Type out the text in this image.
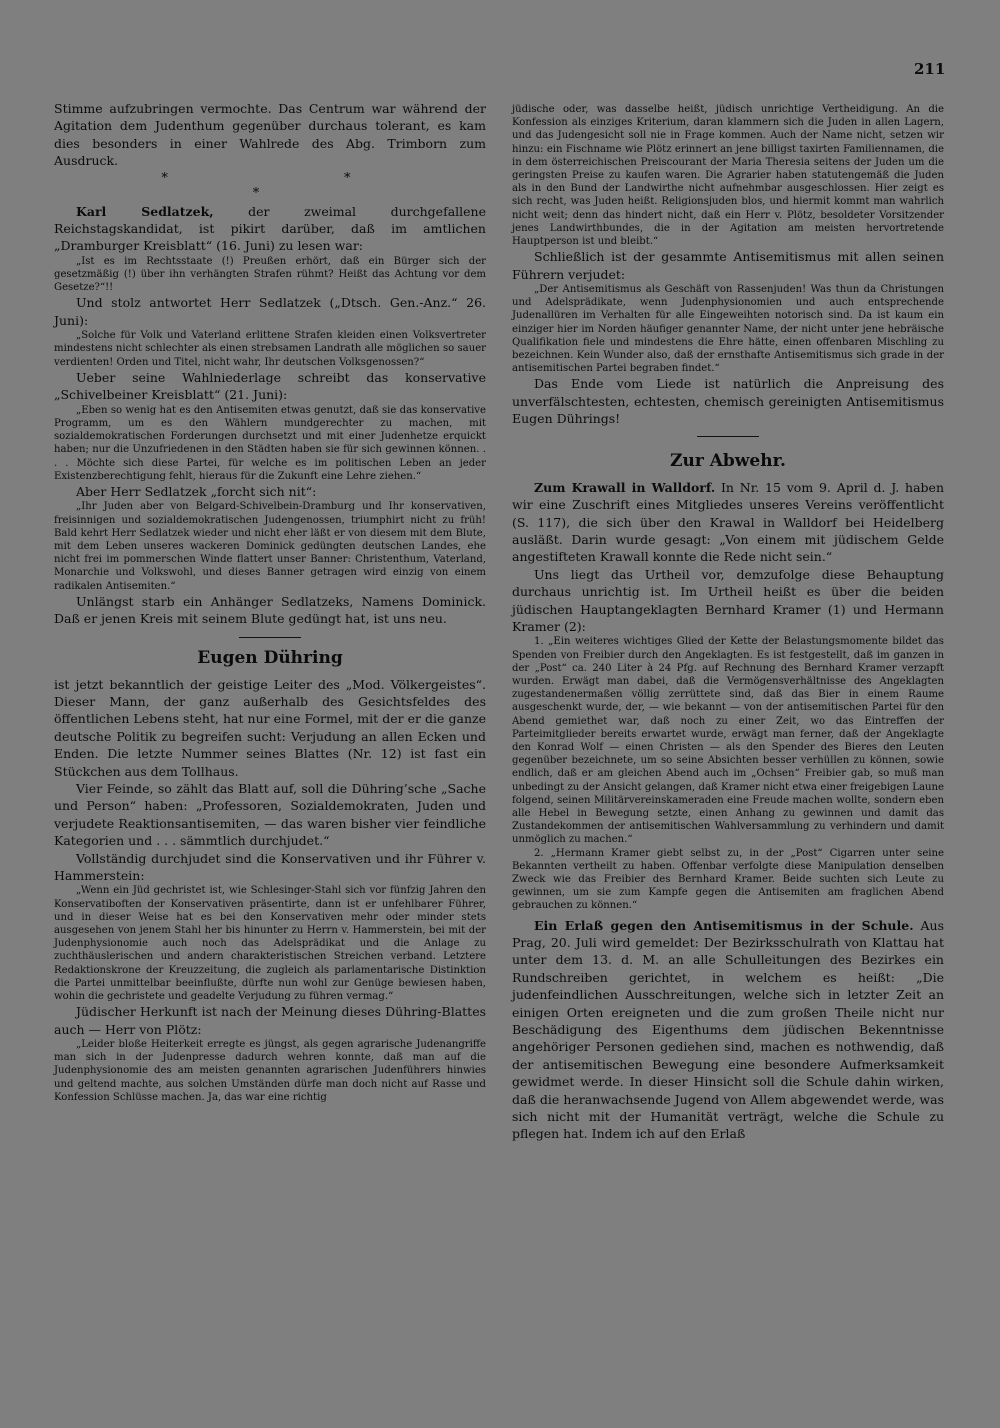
211

Stimme aufzubringen vermochte. Das Centrum war während der Agitation dem Judenthum gegenüber durchaus tolerant, es kam dies besonders in einer Wahlrede des Abg. Trimborn zum Ausdruck.

* * *

Karl Sedlatzek, der zweimal durchgefallene Reichstagskandidat, ist pikirt darüber, daß im amtlichen „Dramburger Kreisblatt“ (16. Juni) zu lesen war:

„Ist es im Rechtsstaate (!) Preußen erhört, daß ein Bürger sich der gesetzmäßig (!) über ihn verhängten Strafen rühmt? Heißt das Achtung vor dem Gesetze?“!!

Und stolz antwortet Herr Sedlatzek („Dtsch. Gen.-Anz.“ 26. Juni):

„Solche für Volk und Vaterland erlittene Strafen kleiden einen Volksvertreter mindestens nicht schlechter als einen strebsamen Landrath alle möglichen so sauer verdienten! Orden und Titel, nicht wahr, Ihr deutschen Volksgenossen?“

Ueber seine Wahlniederlage schreibt das konservative „Schivelbeiner Kreisblatt“ (21. Juni):

„Eben so wenig hat es den Antisemiten etwas genutzt, daß sie das konservative Programm, um es den Wählern mundgerechter zu machen, mit sozialdemokratischen Forderungen durchsetzt und mit einer Judenhetze erquickt haben; nur die Unzufriedenen in den Städten haben sie für sich gewinnen können. . . . Möchte sich diese Partei, für welche es im politischen Leben an jeder Existenzberechtigung fehlt, hieraus für die Zukunft eine Lehre ziehen.“

Aber Herr Sedlatzek „forcht sich nit“:

„Ihr Juden aber von Belgard-Schivelbein-Dramburg und Ihr konservativen, freisinnigen und sozialdemokratischen Judengenossen, triumphirt nicht zu früh! Bald kehrt Herr Sedlatzek wieder und nicht eher läßt er von diesem mit dem Blute, mit dem Leben unseres wackeren Dominick gedüngten deutschen Landes, ehe nicht frei im pommerschen Winde flattert unser Banner: Christenthum, Vaterland, Monarchie und Volkswohl, und dieses Banner getragen wird einzig von einem radikalen Antisemiten.“

Unlängst starb ein Anhänger Sedlatzeks, Namens Dominick. Daß er jenen Kreis mit seinem Blute gedüngt hat, ist uns neu.

Eugen Dühring

ist jetzt bekanntlich der geistige Leiter des „Mod. Völkergeistes“. Dieser Mann, der ganz außerhalb des Gesichtsfeldes des öffentlichen Lebens steht, hat nur eine Formel, mit der er die ganze deutsche Politik zu begreifen sucht: Verjudung an allen Ecken und Enden. Die letzte Nummer seines Blattes (Nr. 12) ist fast ein Stückchen aus dem Tollhaus.

Vier Feinde, so zählt das Blatt auf, soll die Dühring’sche „Sache und Person“ haben: „Professoren, Sozialdemokraten, Juden und verjudete Reaktionsantisemiten, — das waren bisher vier feindliche Kategorien und . . . sämmtlich durchjudet.“

Vollständig durchjudet sind die Konservativen und ihr Führer v. Hammerstein:

„Wenn ein Jüd gechristet ist, wie Schlesinger-Stahl sich vor fünfzig Jahren den Konservatiboften der Konservativen präsentirte, dann ist er unfehlbarer Führer, und in dieser Weise hat es bei den Konservativen mehr oder minder stets ausgesehen von jenem Stahl her bis hinunter zu Herrn v. Hammerstein, bei mit der Judenphysionomie auch noch das Adelsprädikat und die Anlage zu zuchthäuslerischen und andern charakteristischen Streichen verband. Letztere Redaktionskrone der Kreuzzeitung, die zugleich als parlamentarische Distinktion die Partei unmittelbar beeinflußte, dürfte nun wohl zur Genüge bewiesen haben, wohin die gechristete und geadelte Verjudung zu führen vermag.“

Jüdischer Herkunft ist nach der Meinung dieses Dühring-Blattes auch — Herr von Plötz:

„Leider bloße Heiterkeit erregte es jüngst, als gegen agrarische Judenangriffe man sich in der Judenpresse dadurch wehren konnte, daß man auf die Judenphysionomie des am meisten genannten agrarischen Judenführers hinwies und geltend machte, aus solchen Umständen dürfe man doch nicht auf Rasse und Konfession Schlüsse machen. Ja, das war eine richtig

jüdische oder, was dasselbe heißt, jüdisch unrichtige Vertheidigung. An die Konfession als einziges Kriterium, daran klammern sich die Juden in allen Lagern, und das Judengesicht soll nie in Frage kommen. Auch der Name nicht, setzen wir hinzu: ein Fischname wie Plötz erinnert an jene billigst taxirten Familiennamen, die in dem österreichischen Preiscourant der Maria Theresia seitens der Juden um die geringsten Preise zu kaufen waren. Die Agrarier haben statutengemäß die Juden als in den Bund der Landwirthe nicht aufnehmbar ausgeschlossen. Hier zeigt es sich recht, was Juden heißt. Religionsjuden blos, und hiermit kommt man wahrlich nicht weit; denn das hindert nicht, daß ein Herr v. Plötz, besoldeter Vorsitzender jenes Landwirthbundes, die in der Agitation am meisten hervortretende Hauptperson ist und bleibt.“

Schließlich ist der gesammte Antisemitismus mit allen seinen Führern verjudet:

„Der Antisemitismus als Geschäft von Rassenjuden! Was thun da Christungen und Adelsprädikate, wenn Judenphysionomien und auch entsprechende Judenallüren im Verhalten für alle Eingeweihten notorisch sind. Da ist kaum ein einziger hier im Norden häufiger genannter Name, der nicht unter jene hebräische Qualifikation fiele und mindestens die Ehre hätte, einen offenbaren Mischling zu bezeichnen. Kein Wunder also, daß der ernsthafte Antisemitismus sich grade in der antisemitischen Partei begraben findet.“

Das Ende vom Liede ist natürlich die Anpreisung des unverfälschtesten, echtesten, chemisch gereinigten Antisemitismus Eugen Dührings!

Zur Abwehr.

Zum Krawall in Walldorf. In Nr. 15 vom 9. April d. J. haben wir eine Zuschrift eines Mitgliedes unseres Vereins veröffentlicht (S. 117), die sich über den Krawal in Walldorf bei Heidelberg ausläßt. Darin wurde gesagt: „Von einem mit jüdischem Gelde angestifteten Krawall konnte die Rede nicht sein.“

Uns liegt das Urtheil vor, demzufolge diese Behauptung durchaus unrichtig ist. Im Urtheil heißt es über die beiden jüdischen Hauptangeklagten Bernhard Kramer (1) und Hermann Kramer (2):

1. „Ein weiteres wichtiges Glied der Kette der Belastungsmomente bildet das Spenden von Freibier durch den Angeklagten. Es ist festgestellt, daß im ganzen in der „Post“ ca. 240 Liter à 24 Pfg. auf Rechnung des Bernhard Kramer verzapft wurden. Erwägt man dabei, daß die Vermögensverhältnisse des Angeklagten zugestandenermaßen völlig zerrüttete sind, daß das Bier in einem Raume ausgeschenkt wurde, der, — wie bekannt — von der antisemitischen Partei für den Abend gemiethet war, daß noch zu einer Zeit, wo das Eintreffen der Parteimitglieder bereits erwartet wurde, erwägt man ferner, daß der Angeklagte den Konrad Wolf — einen Christen — als den Spender des Bieres den Leuten gegenüber bezeichnete, um so seine Absichten besser verhüllen zu können, sowie endlich, daß er am gleichen Abend auch im „Ochsen“ Freibier gab, so muß man unbedingt zu der Ansicht gelangen, daß Kramer nicht etwa einer freigebigen Laune folgend, seinen Militärvereinskameraden eine Freude machen wollte, sondern eben alle Hebel in Bewegung setzte, einen Anhang zu gewinnen und damit das Zustandekommen der antisemitischen Wahlversammlung zu verhindern und damit unmöglich zu machen.“

2. „Hermann Kramer giebt selbst zu, in der „Post“ Cigarren unter seine Bekannten vertheilt zu haben. Offenbar verfolgte diese Manipulation denselben Zweck wie das Freibier des Bernhard Kramer. Beide suchten sich Leute zu gewinnen, um sie zum Kampfe gegen die Antisemiten am fraglichen Abend gebrauchen zu können.“

Ein Erlaß gegen den Antisemitismus in der Schule. Aus Prag, 20. Juli wird gemeldet: Der Bezirksschulrath von Klattau hat unter dem 13. d. M. an alle Schulleitungen des Bezirkes ein Rundschreiben gerichtet, in welchem es heißt: „Die judenfeindlichen Ausschreitungen, welche sich in letzter Zeit an einigen Orten ereigneten und die zum großen Theile nicht nur Beschädigung des Eigenthums dem jüdischen Bekenntnisse angehöriger Personen gediehen sind, machen es nothwendig, daß der antisemitischen Bewegung eine besondere Aufmerksamkeit gewidmet werde. In dieser Hinsicht soll die Schule dahin wirken, daß die heranwachsende Jugend von Allem abgewendet werde, was sich nicht mit der Humanität verträgt, welche die Schule zu pflegen hat. Indem ich auf den Erlaß
